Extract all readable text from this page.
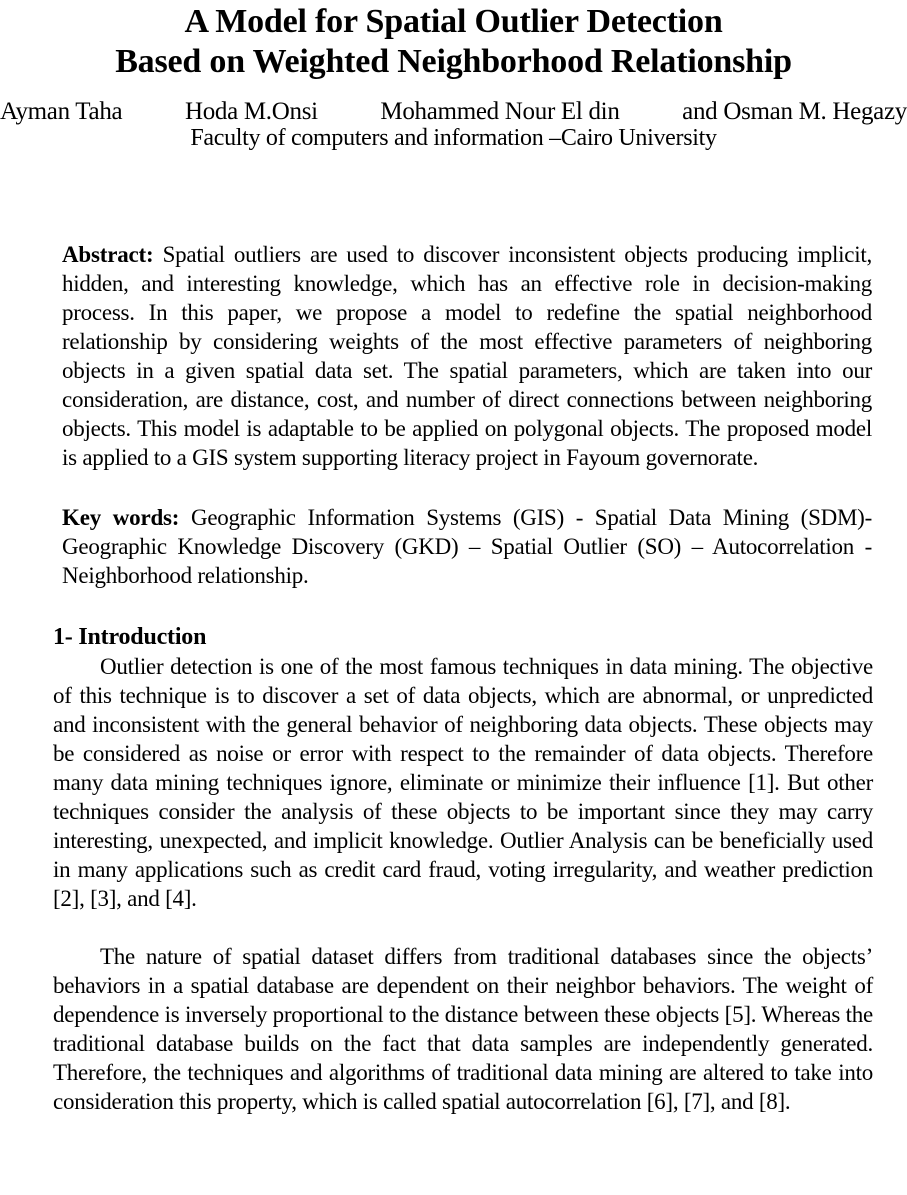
A Model for Spatial Outlier Detection
Based on Weighted Neighborhood Relationship
Ayman Taha	Hoda M.Onsi	Mohammed Nour El din	and Osman M. Hegazy
Faculty of computers and information –Cairo University

Abstract: Spatial outliers are used to discover inconsistent objects producing implicit, hidden, and interesting knowledge, which has an effective role in decision-making process. In this paper, we propose a model to redefine the spatial neighborhood relationship by considering weights of the most effective parameters of neighboring objects in a given spatial data set. The spatial parameters, which are taken into our consideration, are distance, cost, and number of direct connections between neighboring objects. This model is adaptable to be applied on polygonal objects. The proposed model is applied to a GIS system supporting literacy project in Fayoum governorate.

Key words: Geographic Information Systems (GIS) - Spatial Data Mining (SDM)-Geographic Knowledge Discovery (GKD) – Spatial Outlier (SO) – Autocorrelation - Neighborhood relationship.

1- Introduction

Outlier detection is one of the most famous techniques in data mining. The objective of this technique is to discover a set of data objects, which are abnormal, or unpredicted and inconsistent with the general behavior of neighboring data objects. These objects may be considered as noise or error with respect to the remainder of data objects. Therefore many data mining techniques ignore, eliminate or minimize their influence [1]. But other techniques consider the analysis of these objects to be important since they may carry interesting, unexpected, and implicit knowledge. Outlier Analysis can be beneficially used in many applications such as credit card fraud, voting irregularity, and weather prediction [2], [3], and [4].

The nature of spatial dataset differs from traditional databases since the objects’ behaviors in a spatial database are dependent on their neighbor behaviors. The weight of dependence is inversely proportional to the distance between these objects [5]. Whereas the traditional database builds on the fact that data samples are independently generated. Therefore, the techniques and algorithms of traditional data mining are altered to take into consideration this property, which is called spatial autocorrelation [6], [7], and [8].
